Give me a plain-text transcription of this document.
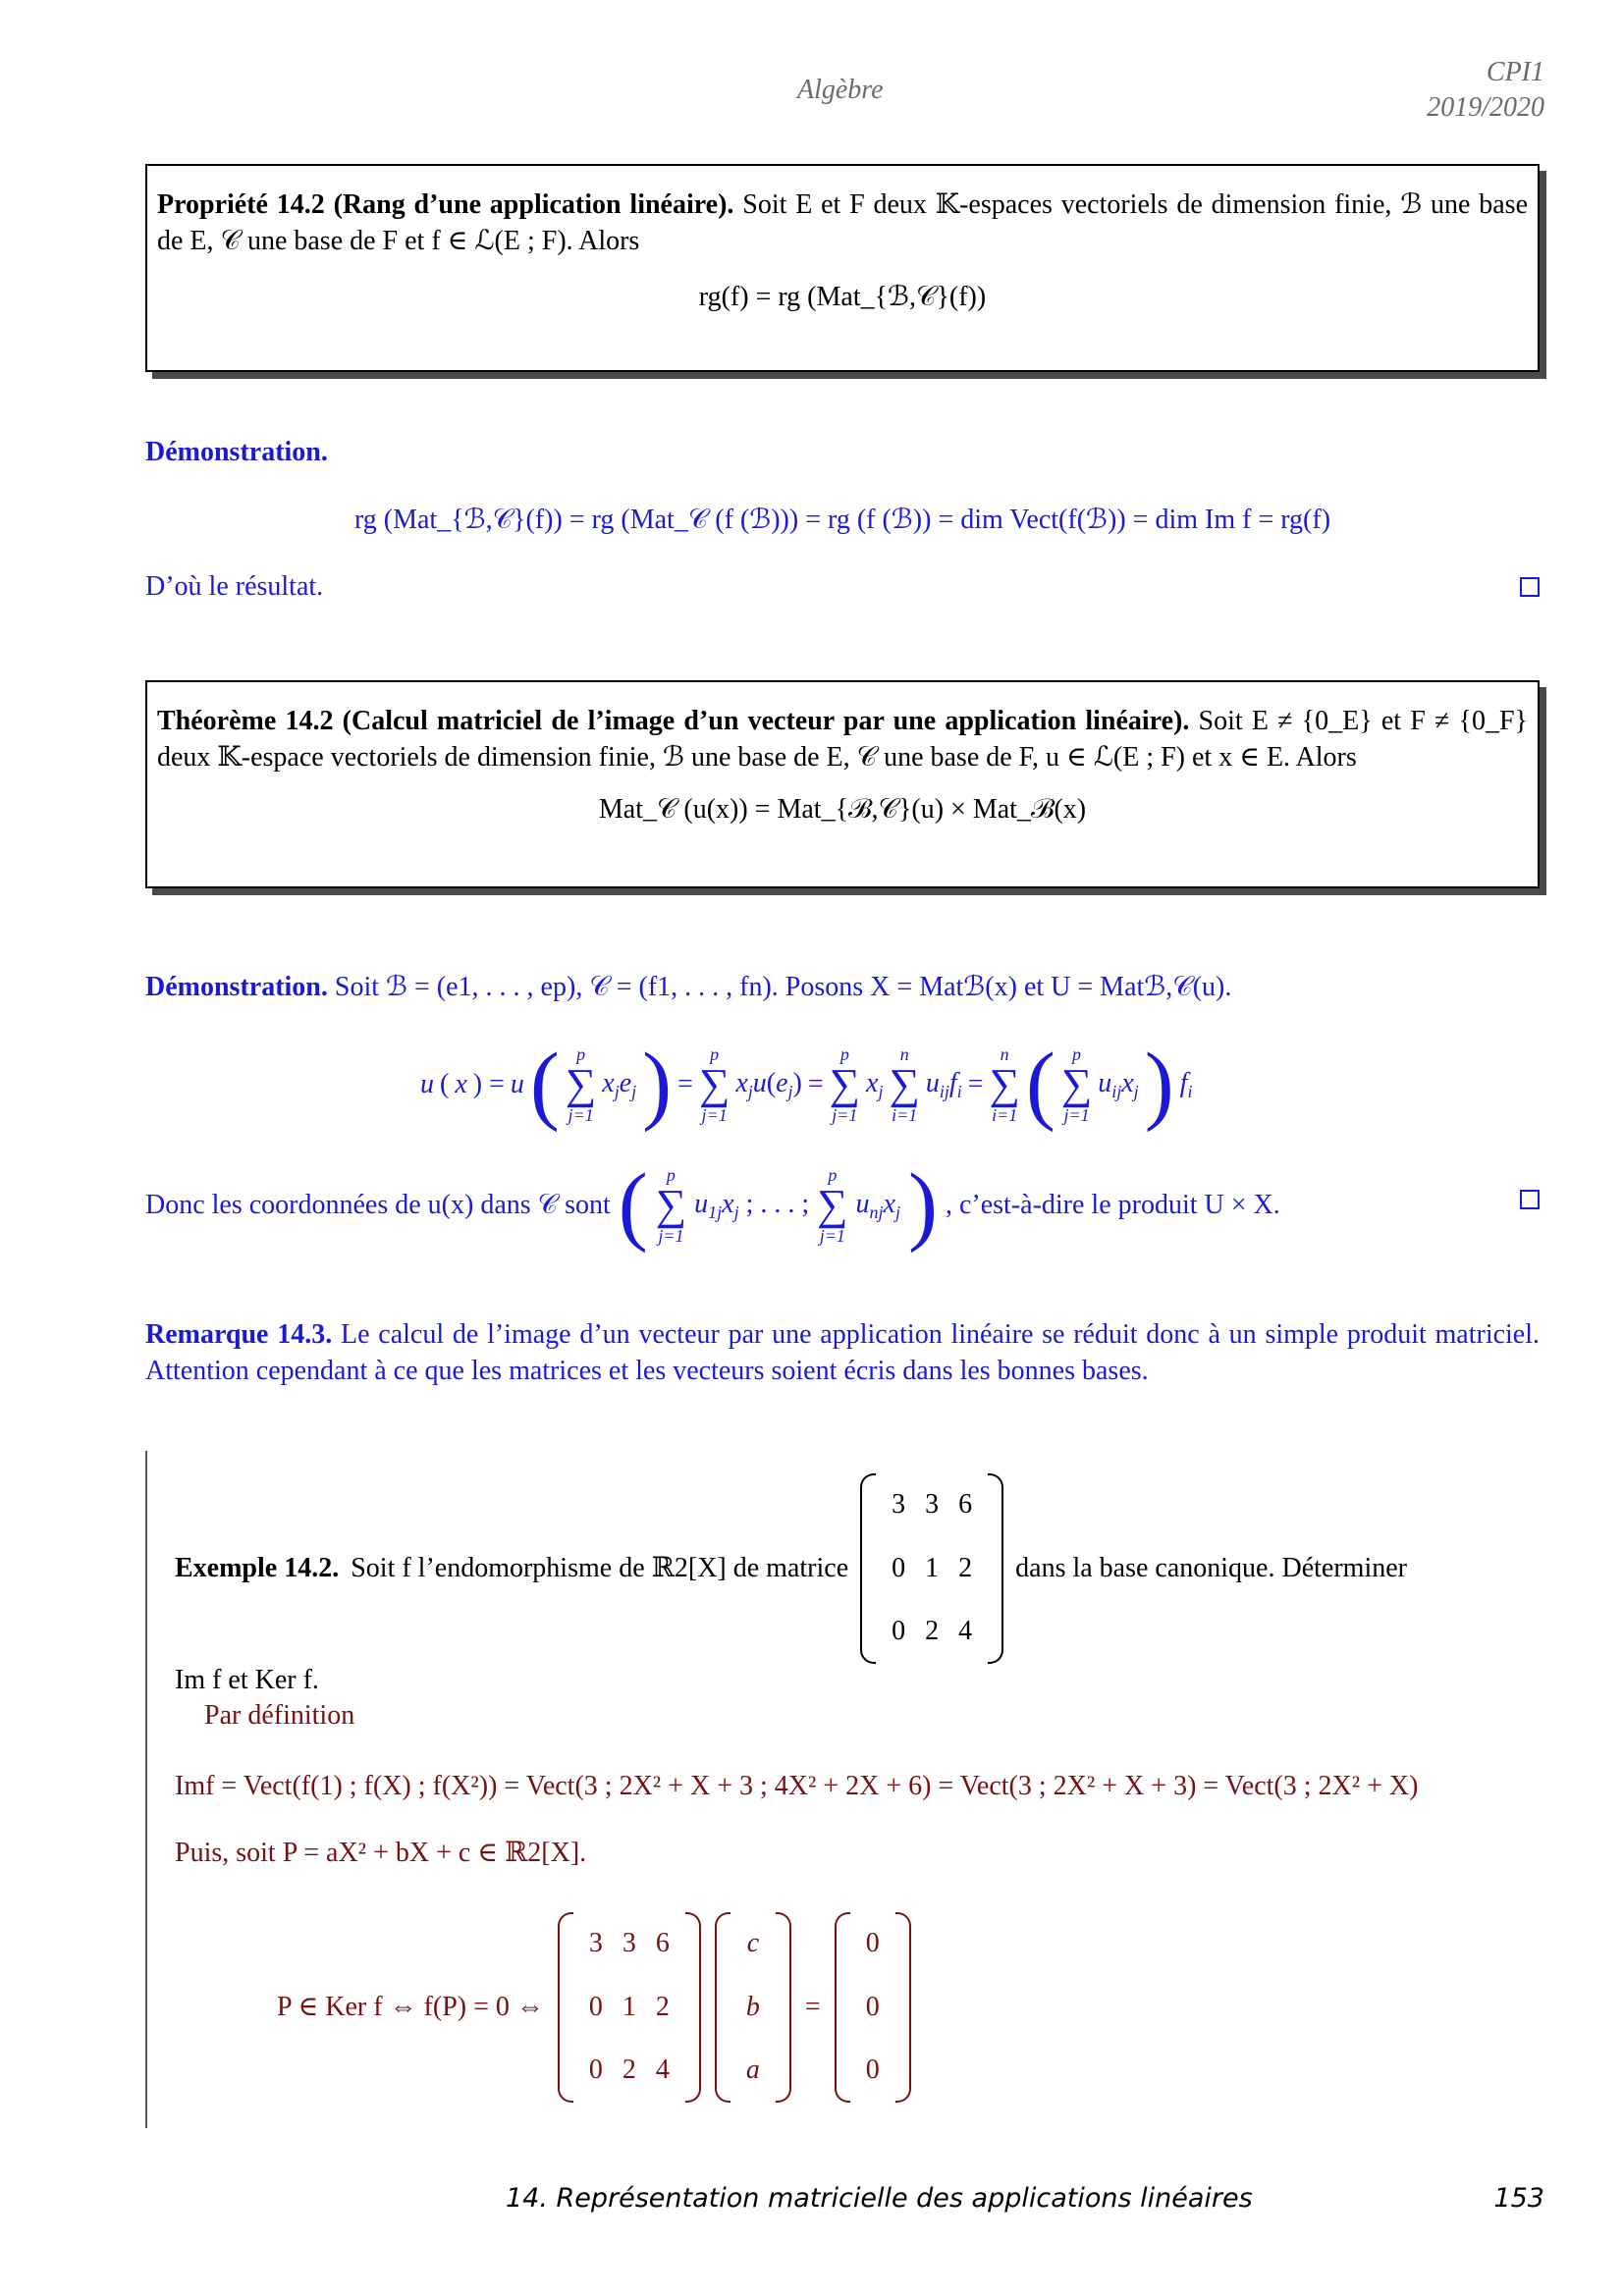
Algèbre
CPI1
2019/2020
Propriété 14.2 (Rang d’une application linéaire). Soit E et F deux 𝕂-espaces vectoriels de dimension finie, ℬ une base de E, 𝒞 une base de F et f ∈ ℒ(E ; F). Alors
rg(f) = rg (Mat_{ℬ,𝒞}(f))
Démonstration.
rg (Mat_{ℬ,𝒞}(f)) = rg (Mat_𝒞 (f (ℬ))) = rg (f (ℬ)) = dim Vect(f(ℬ)) = dim Im f = rg(f)
D’où le résultat.
Théorème 14.2 (Calcul matriciel de l’image d’un vecteur par une application linéaire). Soit E ≠ {0_E} et F ≠ {0_F} deux 𝕂-espace vectoriels de dimension finie, ℬ une base de E, 𝒞 une base de F, u ∈ ℒ(E ; F) et x ∈ E. Alors
Mat_𝒞 (u(x)) = Mat_{ℬ,𝒞}(u) × Mat_ℬ(x)
Démonstration. Soit ℬ = (e1, . . . , ep), 𝒞 = (f1, . . . , fn). Posons X = Matℬ(x) et U = Matℬ,𝒞(u).
u ( x ) = u ( p
∑
j=1
$x_je_j$ ) =
p
∑
j=1
$x_ju(e_j)$ =
p
∑
j=1
$x_j$
n
∑
i=1
$u_{ij}f_i$ =
n
∑
i=1 ( p
∑
j=1
$u_{ij}x_j$ ) $f_i$
Donc les coordonnées de u(x) dans 𝒞 sont ( p
∑
j=1
$u_{1j}x_j$ ; . . . ;
p
∑
j=1
$u_{nj}x_j$ ) , c’est-à-dire le produit U × X.
Remarque 14.3. Le calcul de l’image d’un vecteur par une application linéaire se réduit donc à un simple produit matriciel. Attention cependant à ce que les matrices et les vecteurs soient écris dans les bonnes bases.
Exemple 14.2. Soit f l’endomorphisme de ℝ2[X] de matrice
3	3	6
0	1	2
0	2	4
dans la base canonique. Déterminer
Im f et Ker f.
Par définition
Imf = Vect(f(1) ; f(X) ; f(X²)) = Vect(3 ; 2X² + X + 3 ; 4X² + 2X + 6) = Vect(3 ; 2X² + X + 3) = Vect(3 ; 2X² + X)
Puis, soit P = aX² + bX + c ∈ ℝ2[X].
P ∈ Ker f ⇔ f(P) = 0 ⇔
3	3	6
0	1	2
0	2	4
c
b
a
=
0
0
0
14. Représentation matricielle des applications linéaires	153
